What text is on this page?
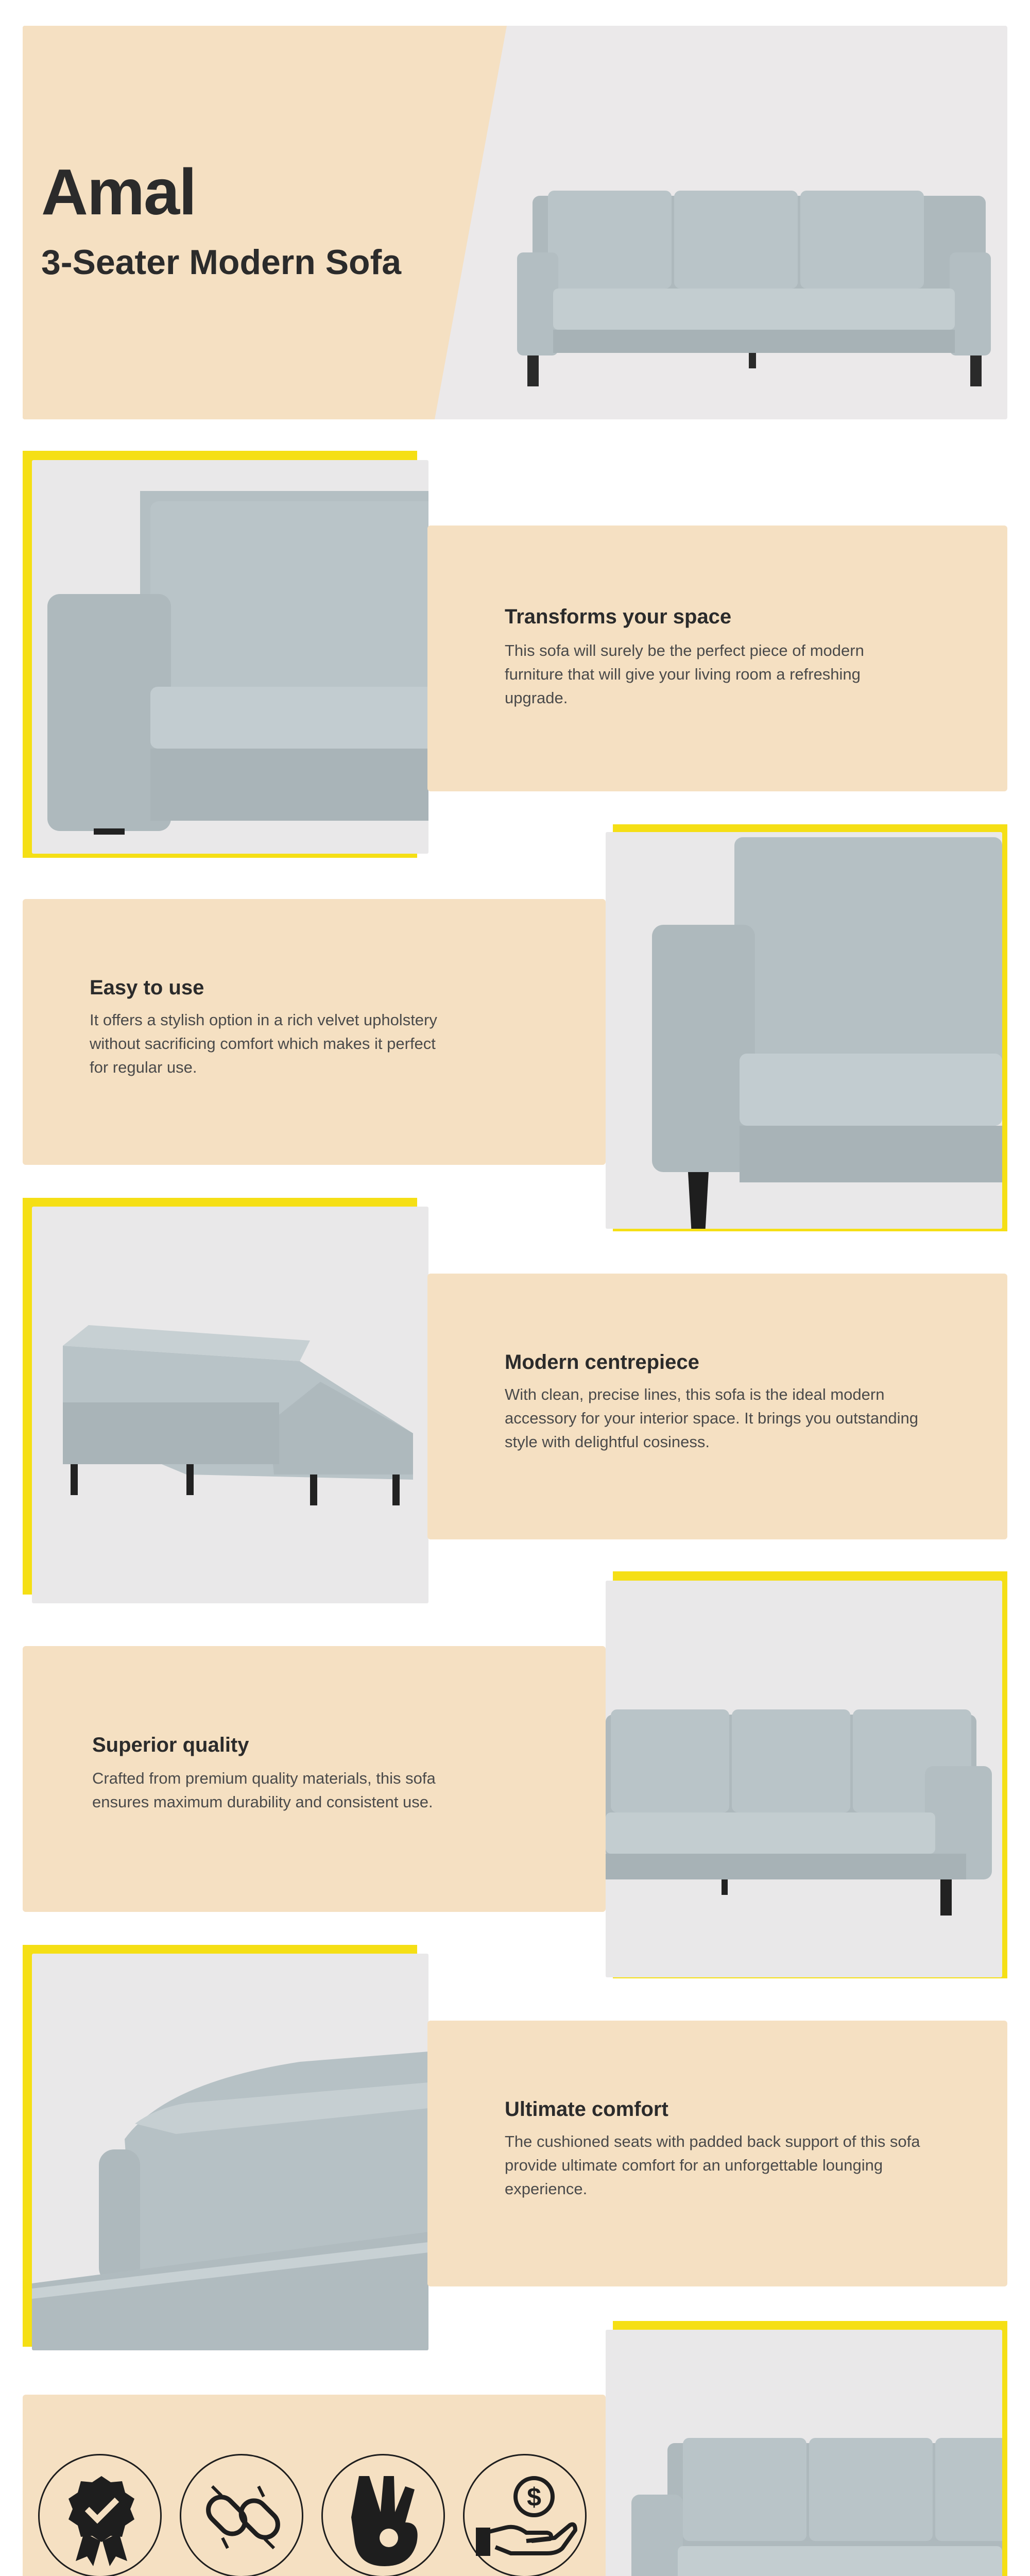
Amal
3-Seater Modern Sofa
Transforms your space
This sofa will surely be the perfect piece of modern furniture that will give your living room a refreshing upgrade.
Easy to use
It offers a stylish option in a rich velvet upholstery without sacrificing comfort which makes it perfect for regular use.
Modern centrepiece
With clean, precise lines, this sofa is the ideal modern accessory for your interior space. It brings you outstanding style with delightful cosiness.
Superior quality
Crafted from premium quality materials, this sofa ensures maximum durability and consistent use.
Ultimate comfort
The cushioned seats with padded back support of this sofa provide ultimate comfort for an unforgettable lounging experience.
$
